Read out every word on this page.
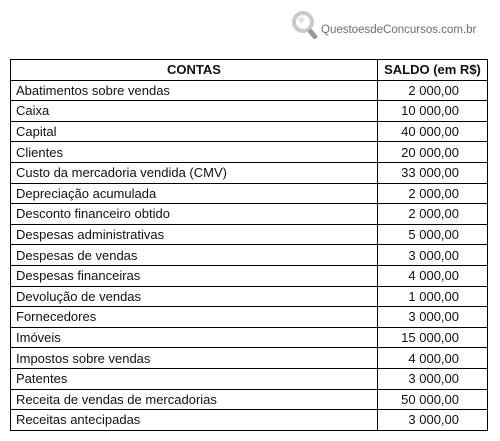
QuestoesdeConcursos.com.br
CONTAS	SALDO (em R$)
Abatimentos sobre vendas	2 000,00
Caixa	10 000,00
Capital	40 000,00
Clientes	20 000,00
Custo da mercadoria vendida (CMV)	33 000,00
Depreciação acumulada	2 000,00
Desconto financeiro obtido	2 000,00
Despesas administrativas	5 000,00
Despesas de vendas	3 000,00
Despesas financeiras	4 000,00
Devolução de vendas	1 000,00
Fornecedores	3 000,00
Imóveis	15 000,00
Impostos sobre vendas	4 000,00
Patentes	3 000,00
Receita de vendas de mercadorias	50 000,00
Receitas antecipadas	3 000,00
